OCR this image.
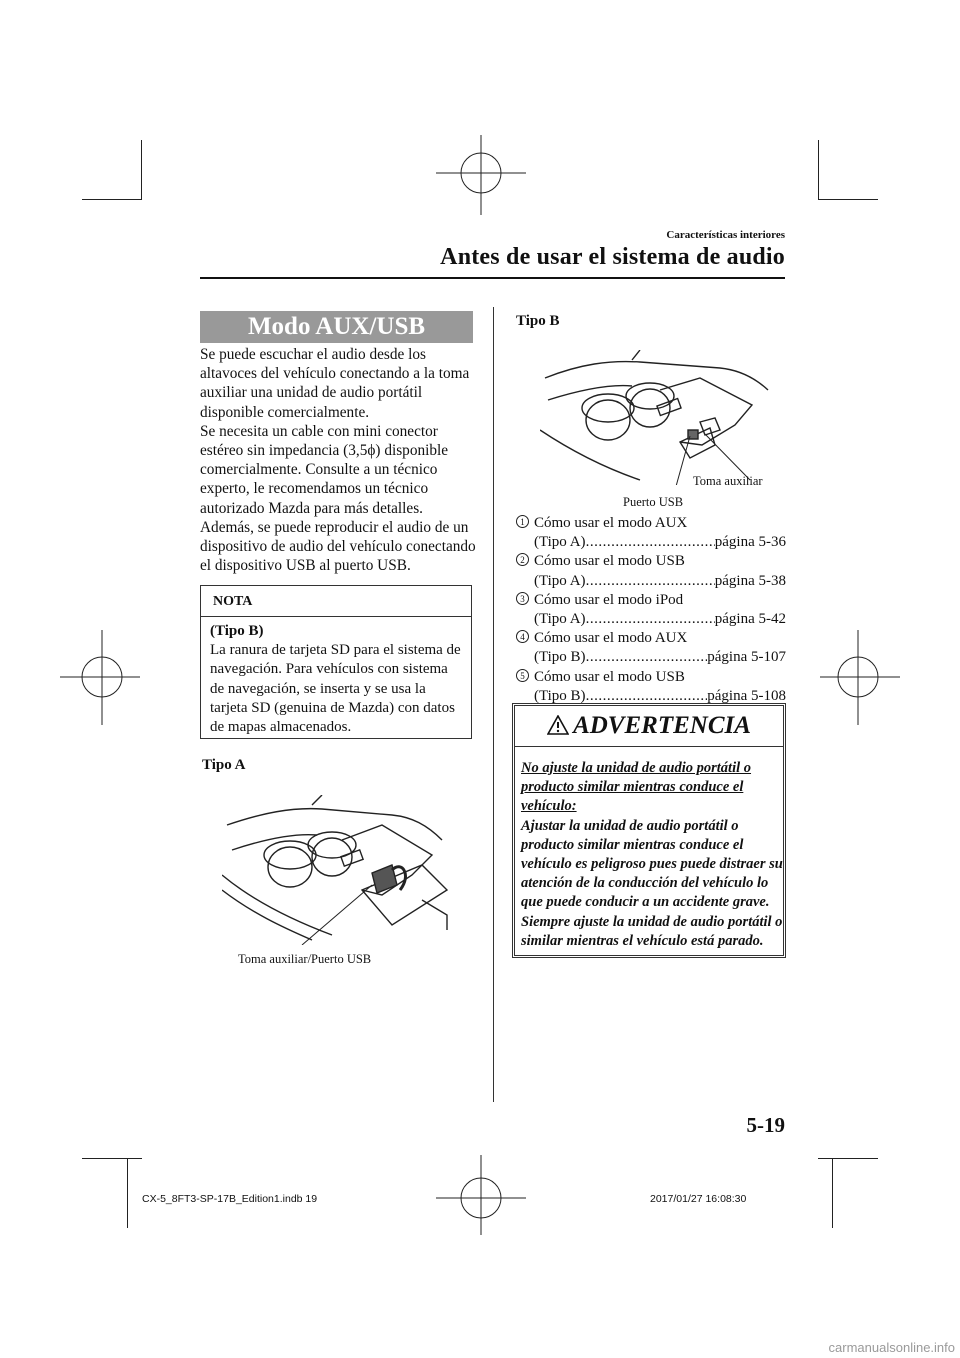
Características interiores
Antes de usar el sistema de audio
Modo AUX/USB

Se puede escuchar el audio desde los altavoces del vehículo conectando a la toma auxiliar una unidad de audio portátil disponible comercialmente.

Se necesita un cable con mini conector estéreo sin impedancia (3,5ϕ) disponible comercialmente. Consulte a un técnico experto, le recomendamos un técnico autorizado Mazda para más detalles.

Además, se puede reproducir el audio de un dispositivo de audio del vehículo conectando el dispositivo USB al puerto USB.

NOTA
(Tipo B)
La ranura de tarjeta SD para el sistema de navegación. Para vehículos con sistema de navegación, se inserta y se usa la tarjeta SD (genuina de Mazda) con datos de mapas almacenados.
Tipo A
Toma auxiliar/Puerto USB
Tipo B
Toma auxiliar
Puerto USB
1 Cómo usar el modo AUX
(Tipo A) .....	página 5-36
2 Cómo usar el modo USB
(Tipo A) .....	página 5-38
3 Cómo usar el modo iPod
(Tipo A) .....	página 5-42
4 Cómo usar el modo AUX
(Tipo B) .....	página 5-107
5 Cómo usar el modo USB
(Tipo B) .....	página 5-108
ADVERTENCIA
No ajuste la unidad de audio portátil o producto similar mientras conduce el vehículo:
Ajustar la unidad de audio portátil o producto similar mientras conduce el vehículo es peligroso pues puede distraer su atención de la conducción del vehículo lo que puede conducir a un accidente grave. Siempre ajuste la unidad de audio portátil o similar mientras el vehículo está parado.
5-19
CX-5_8FT3-SP-17B_Edition1.indb 19	2017/01/27 16:08:30
carmanualsonline.info
